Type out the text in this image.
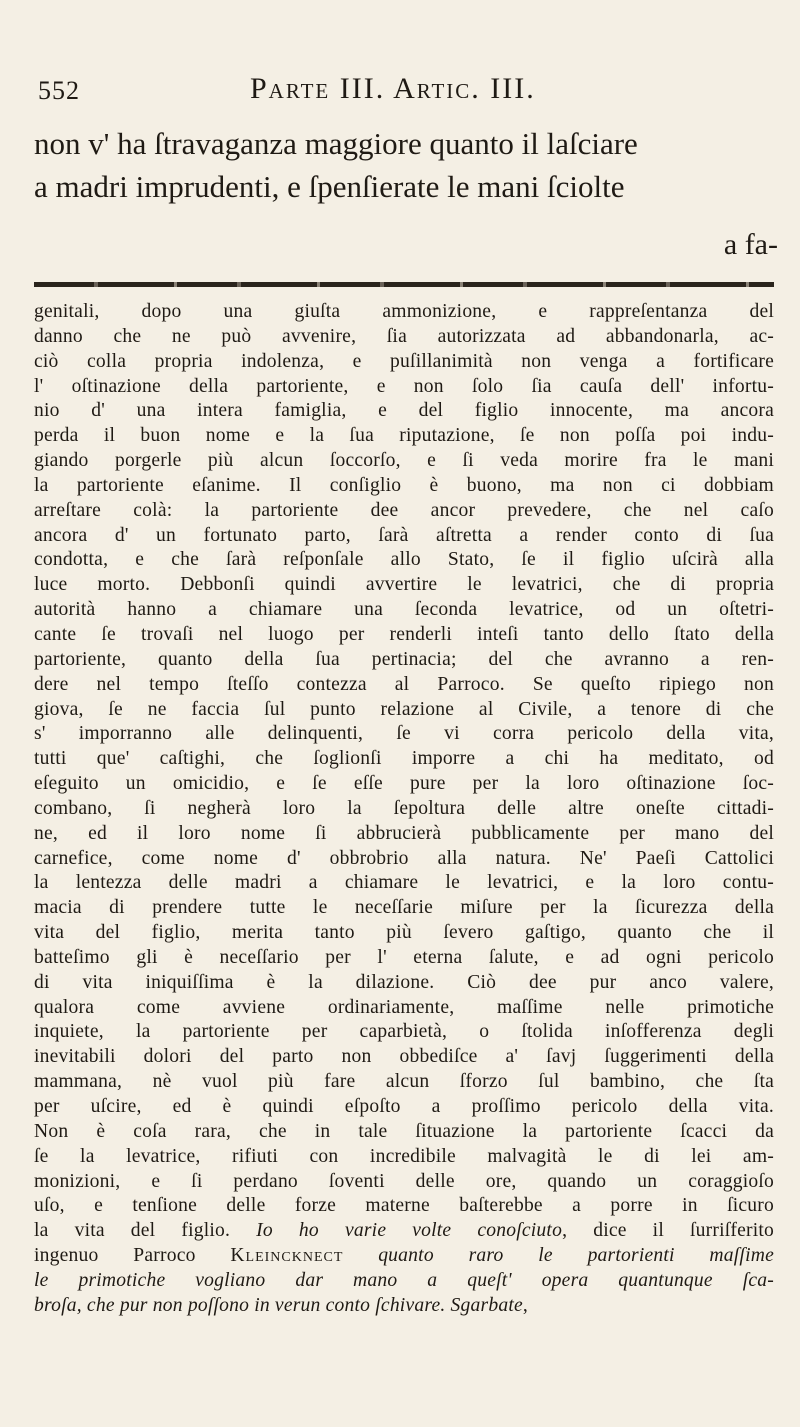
552	Parte III. Artic. III.
non v' ha ſtravaganza maggiore quanto il laſciare
a madri imprudenti, e ſpenſierate le mani ſciolte
a fa-
genitali, dopo una giuſta ammonizione, e rappreſentanza del
danno che ne può avvenire, ſia autorizzata ad abbandonarla, ac-
ciò colla propria indolenza, e puſillanimità non venga a fortificare
l' oſtinazione della partoriente, e non ſolo ſia cauſa dell' infortu-
nio d' una intera famiglia, e del figlio innocente, ma ancora
perda il buon nome e la ſua riputazione, ſe non poſſa poi indu-
giando porgerle più alcun ſoccorſo, e ſi veda morire fra le mani
la partoriente eſanime. Il conſiglio è buono, ma non ci dobbiam
arreſtare colà: la partoriente dee ancor prevedere, che nel caſo
ancora d' un fortunato parto, ſarà aſtretta a render conto di ſua
condotta, e che ſarà reſponſale allo Stato, ſe il figlio uſcirà alla
luce morto. Debbonſi quindi avvertire le levatrici, che di propria
autorità hanno a chiamare una ſeconda levatrice, od un oſtetri-
cante ſe trovaſi nel luogo per renderli inteſi tanto dello ſtato della
partoriente, quanto della ſua pertinacia; del che avranno a ren-
dere nel tempo ſteſſo contezza al Parroco. Se queſto ripiego non
giova, ſe ne faccia ſul punto relazione al Civile, a tenore di che
s' imporranno alle delinquenti, ſe vi corra pericolo della vita,
tutti que' caſtighi, che ſoglionſi imporre a chi ha meditato, od
eſeguito un omicidio, e ſe eſſe pure per la loro oſtinazione ſoc-
combano, ſi negherà loro la ſepoltura delle altre oneſte cittadi-
ne, ed il loro nome ſi abbrucierà pubblicamente per mano del
carnefice, come nome d' obbrobrio alla natura. Ne' Paeſi Cattolici
la lentezza delle madri a chiamare le levatrici, e la loro contu-
macia di prendere tutte le neceſſarie miſure per la ſicurezza della
vita del figlio, merita tanto più ſevero gaſtigo, quanto che il
batteſimo gli è neceſſario per l' eterna ſalute, e ad ogni pericolo
di vita iniquiſſima è la dilazione. Ciò dee pur anco valere,
qualora come avviene ordinariamente, maſſime nelle primotiche
inquiete, la partoriente per caparbietà, o ſtolida inſofferenza degli
inevitabili dolori del parto non obbediſce a' ſavj ſuggerimenti della
mammana, nè vuol più fare alcun ſforzo ſul bambino, che ſta
per uſcire, ed è quindi eſpoſto a proſſimo pericolo della vita.
Non è coſa rara, che in tale ſituazione la partoriente ſcacci da
ſe la levatrice, rifiuti con incredibile malvagità le di lei am-
monizioni, e ſi perdano ſoventi delle ore, quando un coraggioſo
uſo, e tenſione delle forze materne baſterebbe a porre in ſicuro
la vita del figlio. Io ho varie volte conoſciuto, dice il ſurriſferito
ingenuo Parroco Kleincknect quanto raro le partorienti maſſime
le primotiche vogliano dar mano a queſt' opera quantunque ſca-
broſa, che pur non poſſono in verun conto ſchivare. Sgarbate,
